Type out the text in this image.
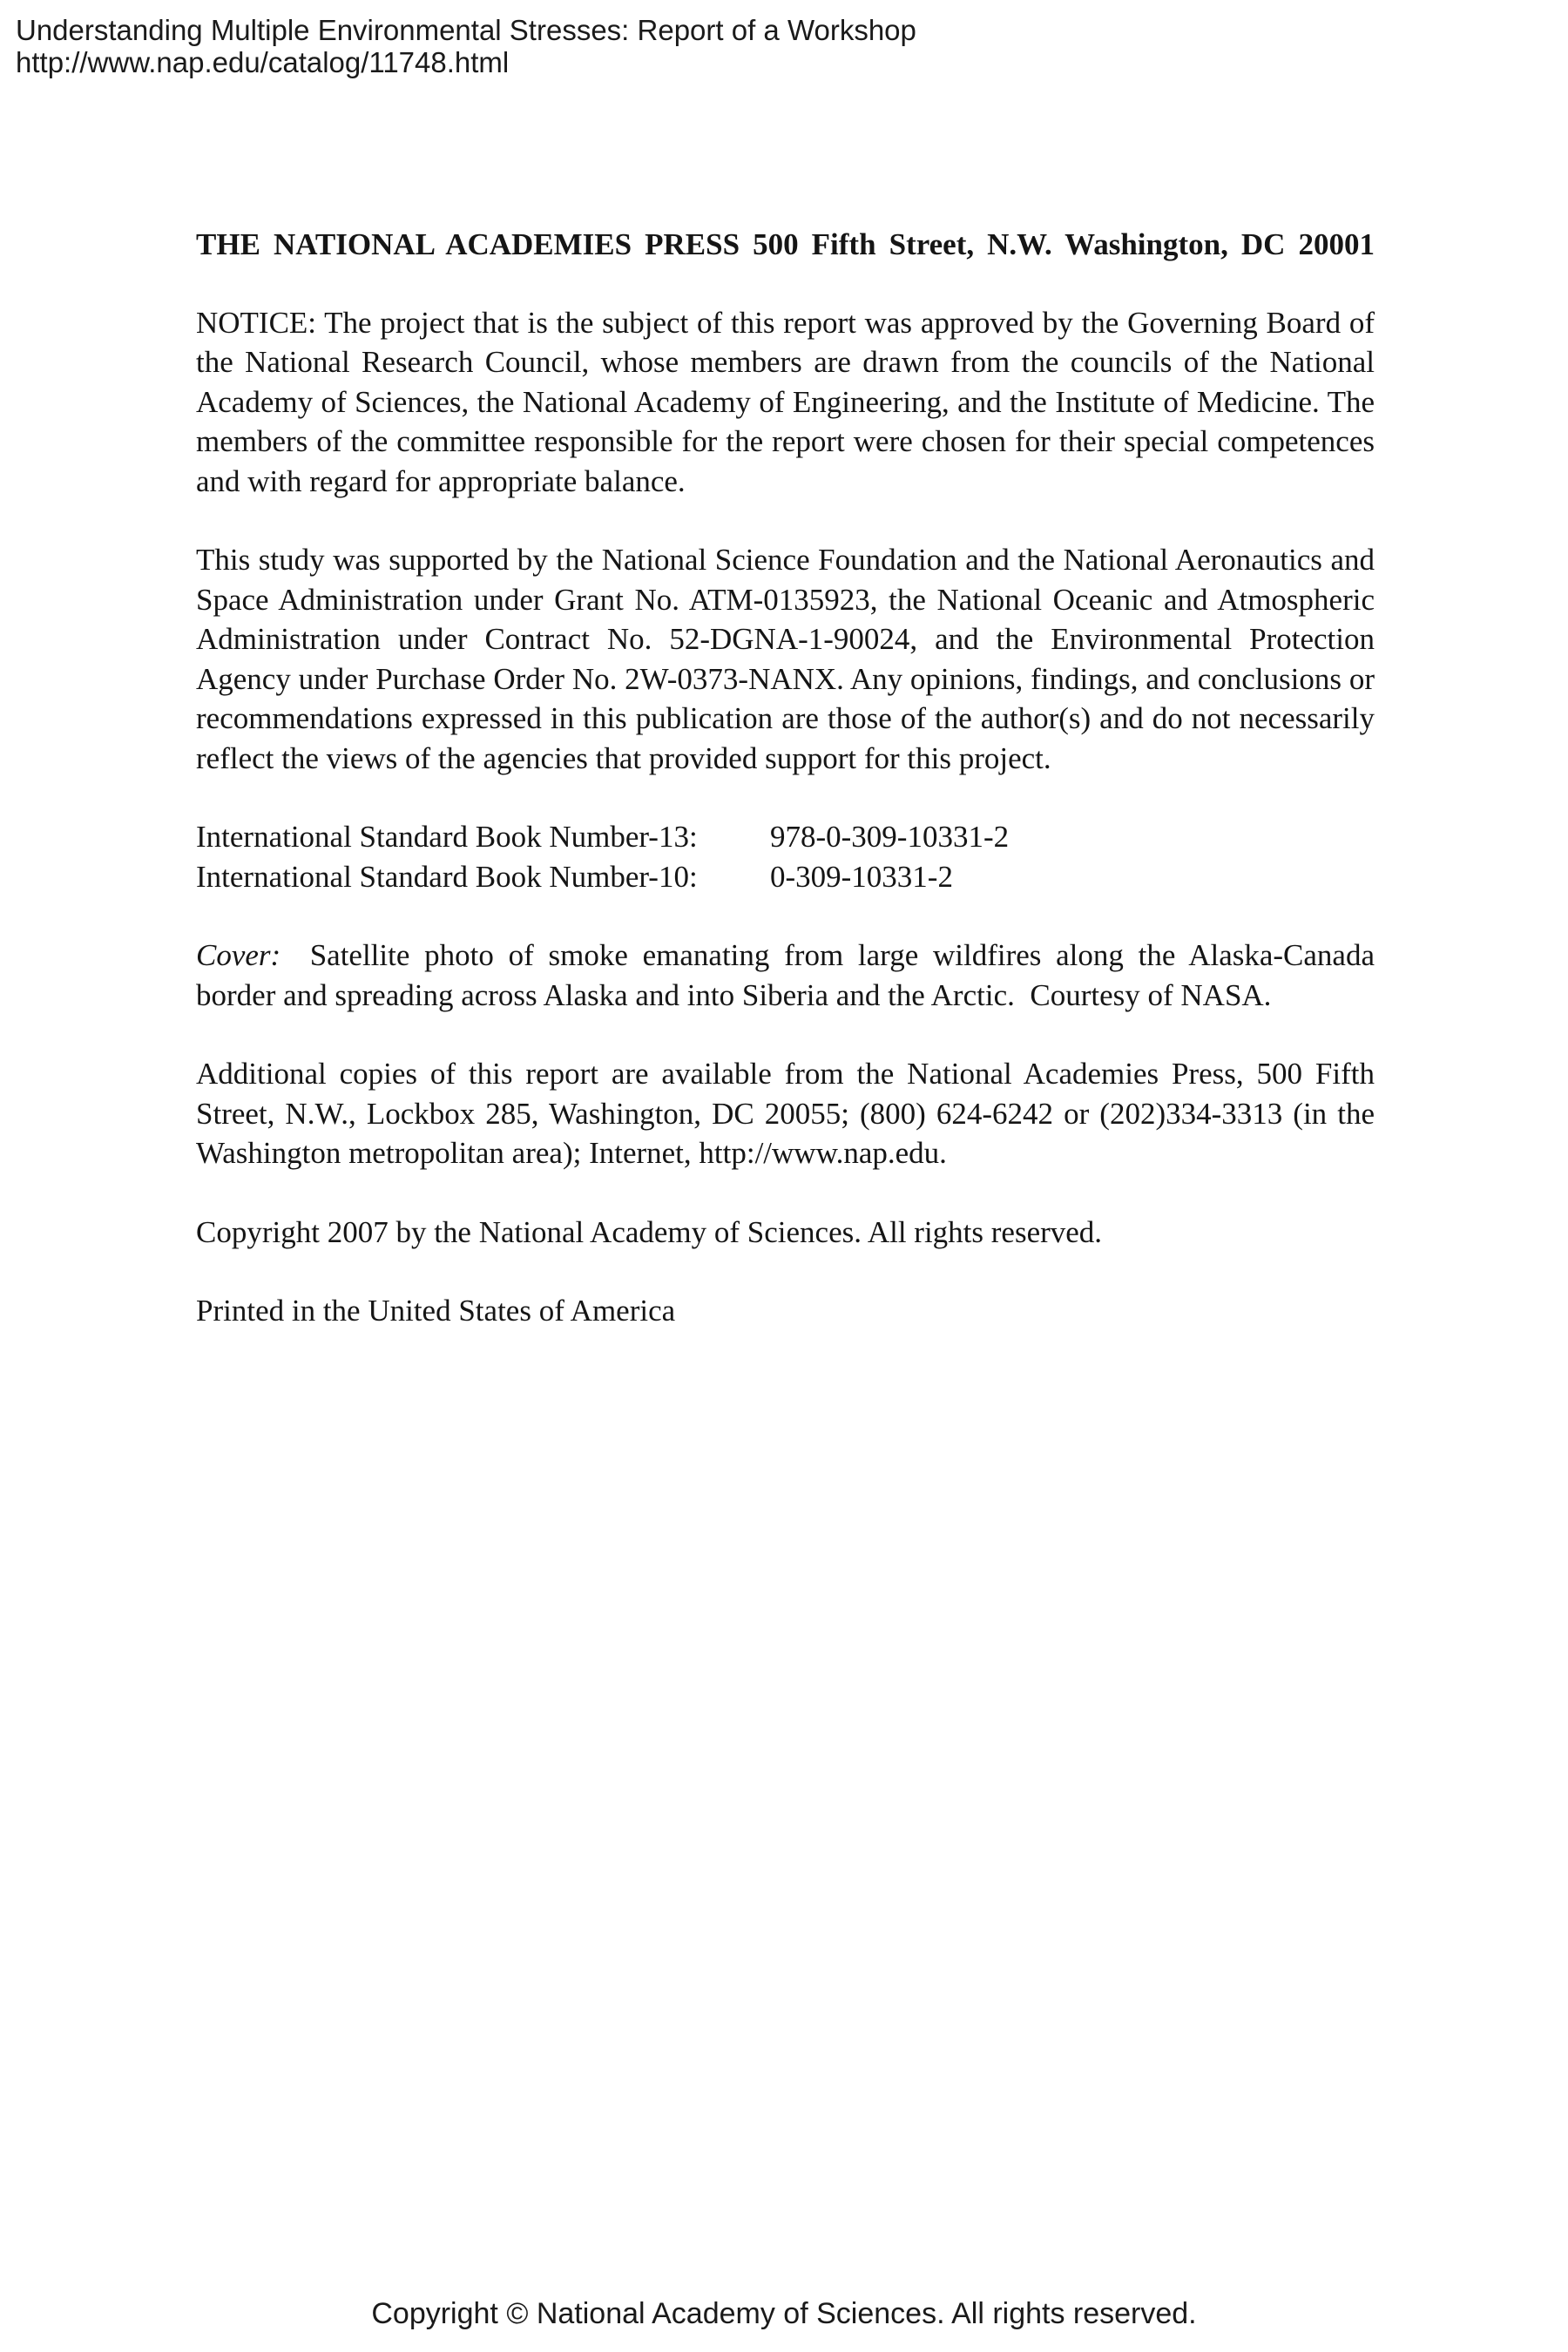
Understanding Multiple Environmental Stresses: Report of a Workshop
http://www.nap.edu/catalog/11748.html
THE NATIONAL ACADEMIES PRESS 500 Fifth Street, N.W. Washington, DC 20001

NOTICE: The project that is the subject of this report was approved by the Governing Board of the National Research Council, whose members are drawn from the councils of the National Academy of Sciences, the National Academy of Engineering, and the Institute of Medicine. The members of the committee responsible for the report were chosen for their special competences and with regard for appropriate balance.

This study was supported by the National Science Foundation and the National Aeronautics and Space Administration under Grant No. ATM-0135923, the National Oceanic and Atmospheric Administration under Contract No. 52-DGNA-1-90024, and the Environmental Protection Agency under Purchase Order No. 2W-0373-NANX. Any opinions, findings, and conclusions or recommendations expressed in this publication are those of the author(s) and do not necessarily reflect the views of the agencies that provided support for this project.

International Standard Book Number-13:	978-0-309-10331-2
International Standard Book Number-10:	0-309-10331-2

Cover:  Satellite photo of smoke emanating from large wildfires along the Alaska-Canada border and spreading across Alaska and into Siberia and the Arctic.  Courtesy of NASA.

Additional copies of this report are available from the National Academies Press, 500 Fifth Street, N.W., Lockbox 285, Washington, DC 20055; (800) 624-6242 or (202)334-3313 (in the Washington metropolitan area); Internet, http://www.nap.edu.

Copyright 2007 by the National Academy of Sciences. All rights reserved.

Printed in the United States of America

Copyright © National Academy of Sciences. All rights reserved.
